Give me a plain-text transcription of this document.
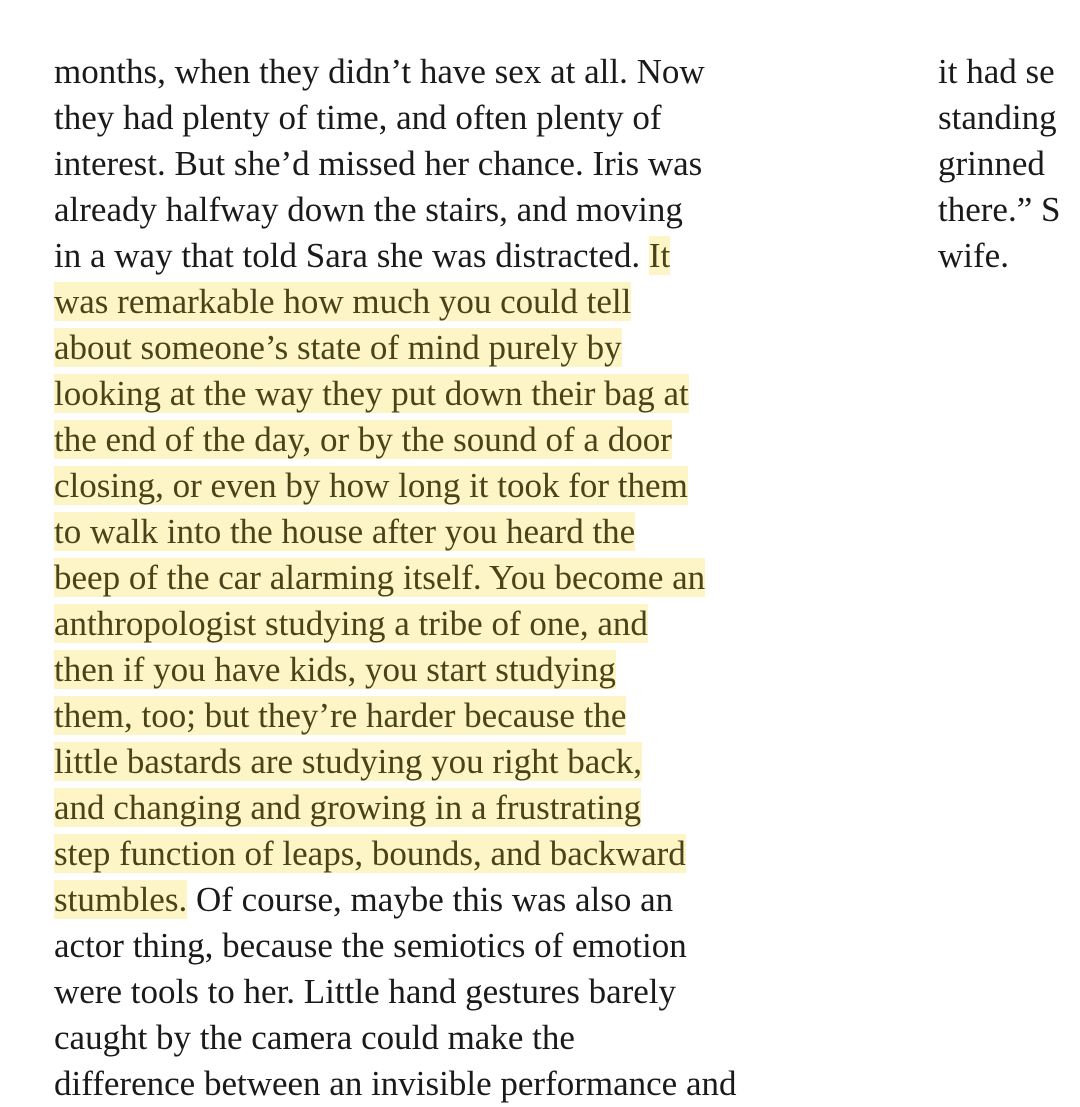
months, when they didn’t have sex at all. Now
they had plenty of time, and often plenty of
interest. But she’d missed her chance. Iris was
already halfway down the stairs, and moving
in a way that told Sara she was distracted. It
was remarkable how much you could tell
about someone’s state of mind purely by
looking at the way they put down their bag at
the end of the day, or by the sound of a door
closing, or even by how long it took for them
to walk into the house after you heard the
beep of the car alarming itself. You become an
anthropologist studying a tribe of one, and
then if you have kids, you start studying
them, too; but they’re harder because the
little bastards are studying you right back,
and changing and growing in a frustrating
step function of leaps, bounds, and backward
stumbles. Of course, maybe this was also an
actor thing, because the semiotics of emotion
were tools to her. Little hand gestures barely
caught by the camera could make the
difference between an invisible performance and
it had se
standing
grinned
there.” S
wife.
